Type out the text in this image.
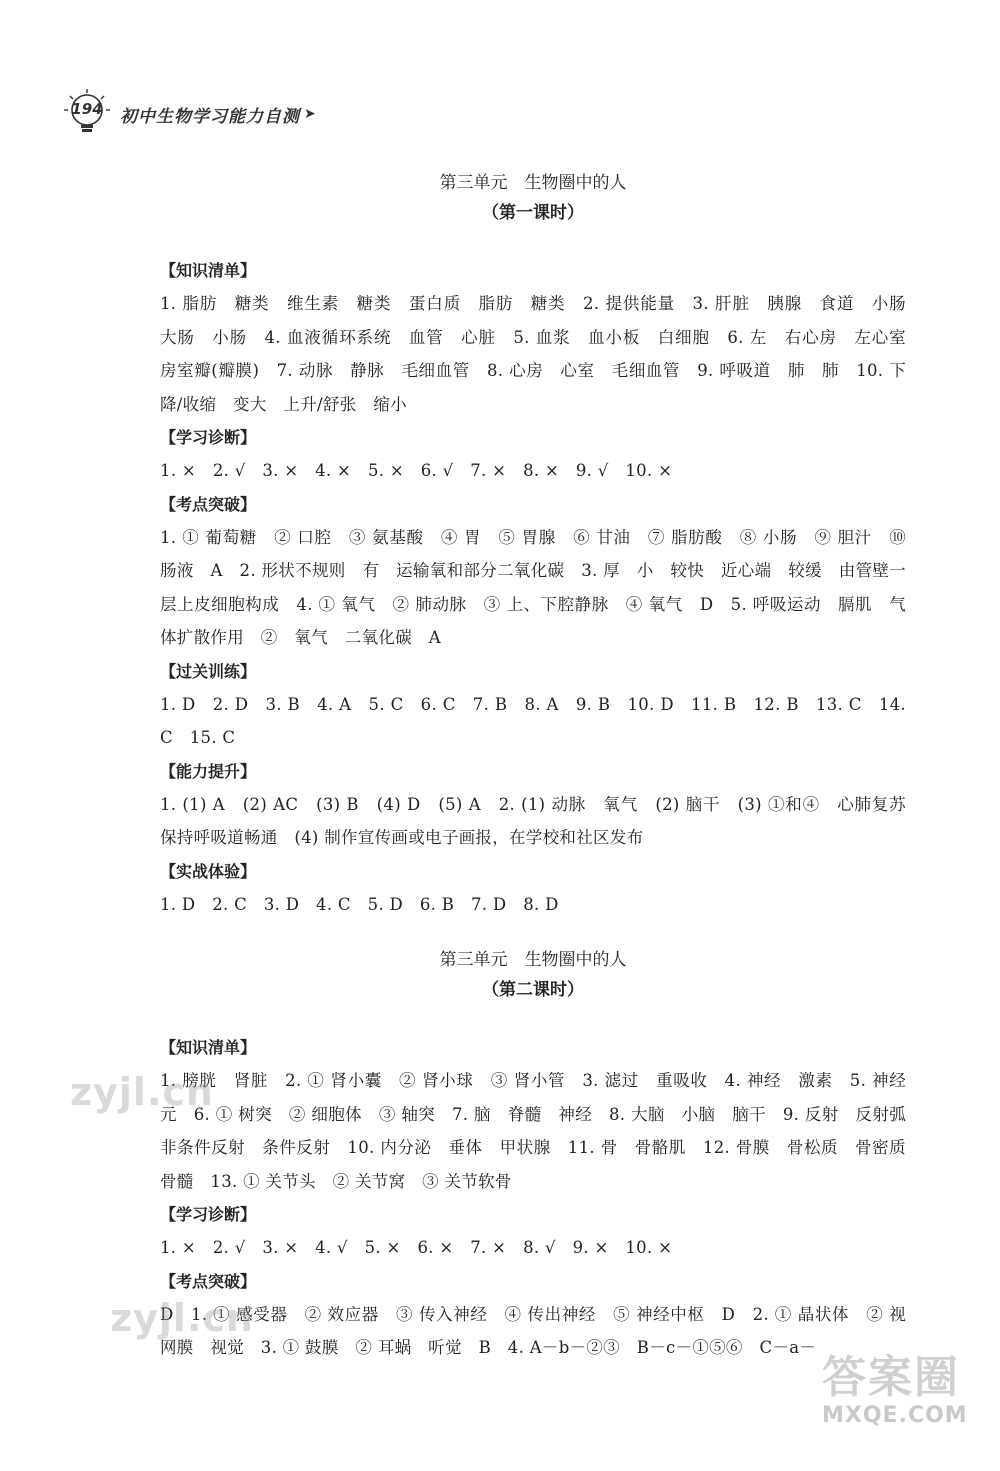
194 初中生物学习能力自测 ➤
第三单元　生物圈中的人
（第一课时）
【知识清单】

1. 脂肪　糖类　维生素　糖类　蛋白质　脂肪　糖类　2. 提供能量　3. 肝脏　胰腺　食道　小肠　大肠　小肠　4. 血液循环系统　血管　心脏　5. 血浆　血小板　白细胞　6. 左　右心房　左心室　房室瓣(瓣膜)　7. 动脉　静脉　毛细血管　8. 心房　心室　毛细血管　9. 呼吸道　肺　肺　10. 下降/收缩　变大　上升/舒张　缩小

【学习诊断】

1. ×　2. √　3. ×　4. ×　5. ×　6. √　7. ×　8. ×　9. √　10. ×

【考点突破】

1. ① 葡萄糖　② 口腔　③ 氨基酸　④ 胃　⑤ 胃腺　⑥ 甘油　⑦ 脂肪酸　⑧ 小肠　⑨ 胆汁　⑩ 肠液　A　2. 形状不规则　有　运输氧和部分二氧化碳　3. 厚　小　较快　近心端　较缓　由管壁一层上皮细胞构成　4. ① 氧气　② 肺动脉　③ 上、下腔静脉　④ 氧气　D　5. 呼吸运动　膈肌　气体扩散作用　②　氧气　二氧化碳　A

【过关训练】

1. D　2. D　3. B　4. A　5. C　6. C　7. B　8. A　9. B　10. D　11. B　12. B　13. C　14. C　15. C

【能力提升】

1. (1) A　(2) AC　(3) B　(4) D　(5) A　2. (1) 动脉　氧气　(2) 脑干　(3) ①和④　心肺复苏　保持呼吸道畅通　(4) 制作宣传画或电子画报，在学校和社区发布

【实战体验】

1. D　2. C　3. D　4. C　5. D　6. B　7. D　8. D

第三单元　生物圈中的人
（第二课时）
【知识清单】

1. 膀胱　肾脏　2. ① 肾小囊　② 肾小球　③ 肾小管　3. 滤过　重吸收　4. 神经　激素　5. 神经元　6. ① 树突　② 细胞体　③ 轴突　7. 脑　脊髓　神经　8. 大脑　小脑　脑干　9. 反射　反射弧　非条件反射　条件反射　10. 内分泌　垂体　甲状腺　11. 骨　骨骼肌　12. 骨膜　骨松质　骨密质　骨髓　13. ① 关节头　② 关节窝　③ 关节软骨

【学习诊断】

1. ×　2. √　3. ×　4. √　5. ×　6. ×　7. ×　8. √　9. ×　10. ×

【考点突破】

D　1. ① 感受器　② 效应器　③ 传入神经　④ 传出神经　⑤ 神经中枢　D　2. ① 晶状体　② 视网膜　视觉　3. ① 鼓膜　② 耳蜗　听觉　B　4. A－b－②③　B－c－①⑤⑥　C－a－

zyjl.cn
zyjl.cn
答案圈
MXQE.COM
